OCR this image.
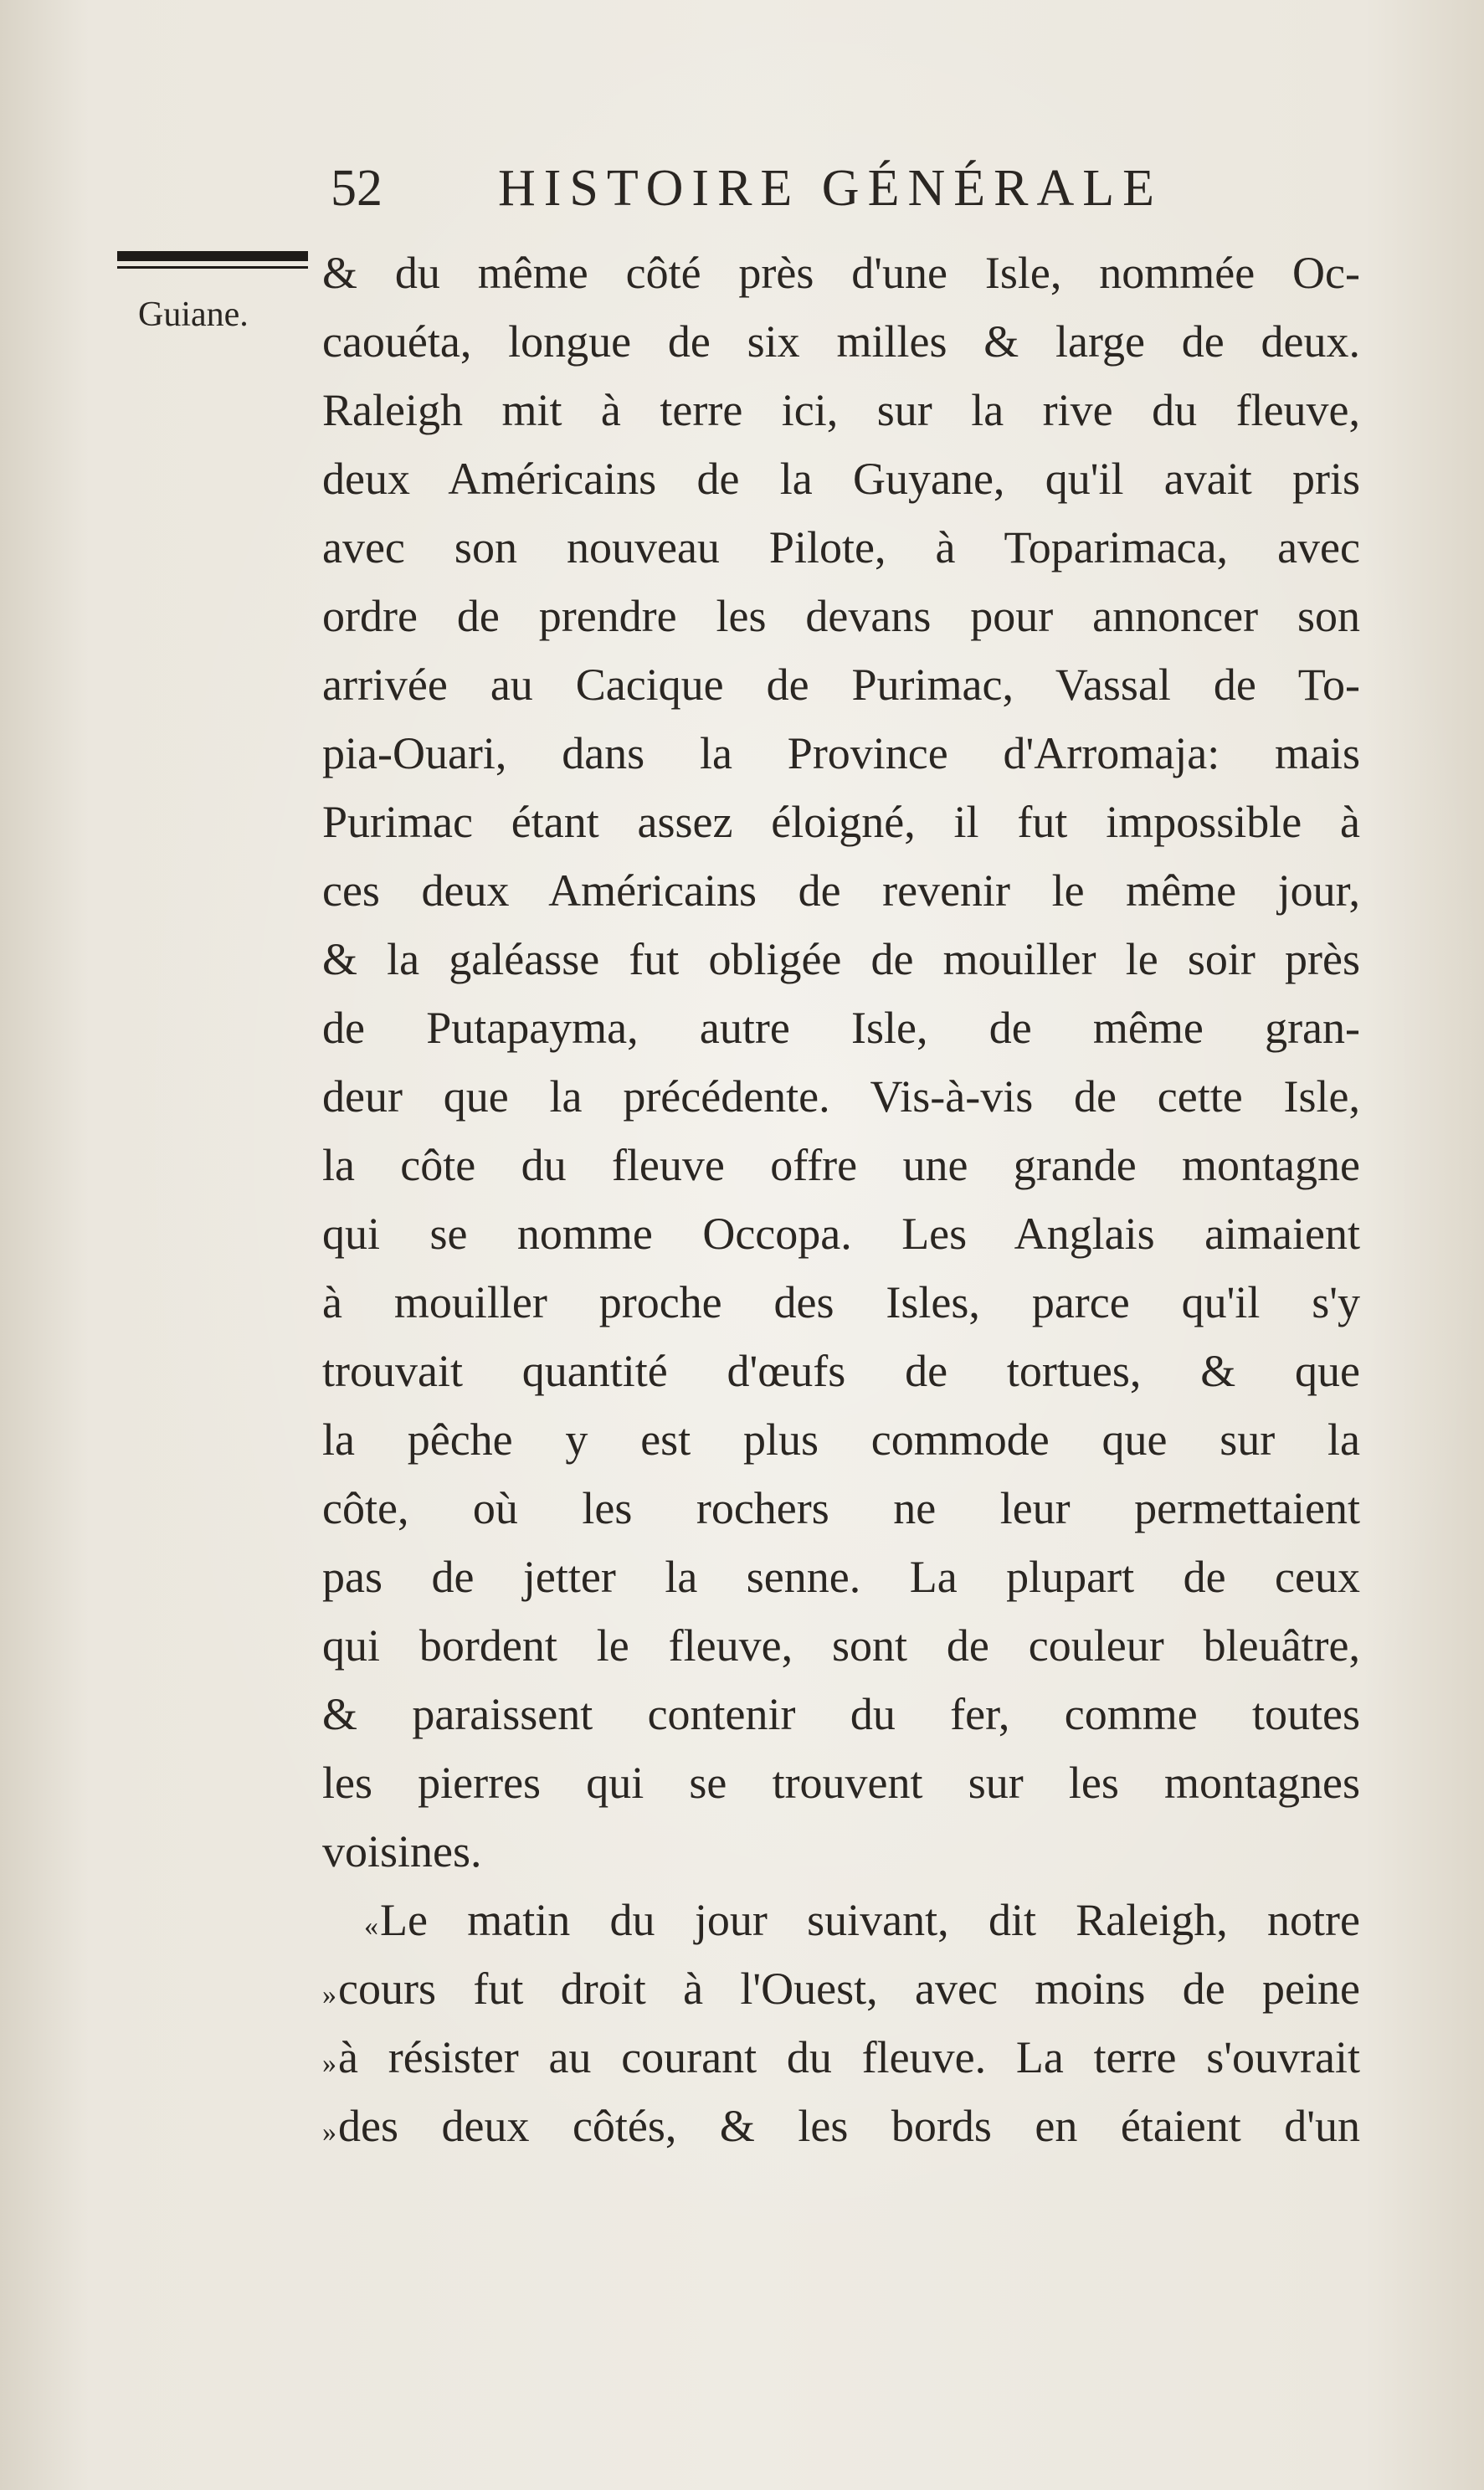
52 HISTOIRE GÉNÉRALE
Guiane.
& du même côté près d'une Isle, nommée Oc-
caouéta, longue de six milles & large de deux.
Raleigh mit à terre ici, sur la rive du fleuve,
deux Américains de la Guyane, qu'il avait pris
avec son nouveau Pilote, à Toparimaca, avec
ordre de prendre les devans pour annoncer son
arrivée au Cacique de Purimac, Vassal de To-
pia-Ouari, dans la Province d'Arromaja: mais
Purimac étant assez éloigné, il fut impossible à
ces deux Américains de revenir le même jour,
& la galéasse fut obligée de mouiller le soir près
de Putapayma, autre Isle, de même gran-
deur que la précédente. Vis-à-vis de cette Isle,
la côte du fleuve offre une grande montagne
qui se nomme Occopa. Les Anglais aimaient
à mouiller proche des Isles, parce qu'il s'y
trouvait quantité d'œufs de tortues, & que
la pêche y est plus commode que sur la
côte, où les rochers ne leur permettaient
pas de jetter la senne. La plupart de ceux
qui bordent le fleuve, sont de couleur bleuâtre,
& paraissent contenir du fer, comme toutes
les pierres qui se trouvent sur les montagnes
voisines.
«Le matin du jour suivant, dit Raleigh, notre
»cours fut droit à l'Ouest, avec moins de peine
»à résister au courant du fleuve. La terre s'ouvrait
»des deux côtés, & les bords en étaient d'un
